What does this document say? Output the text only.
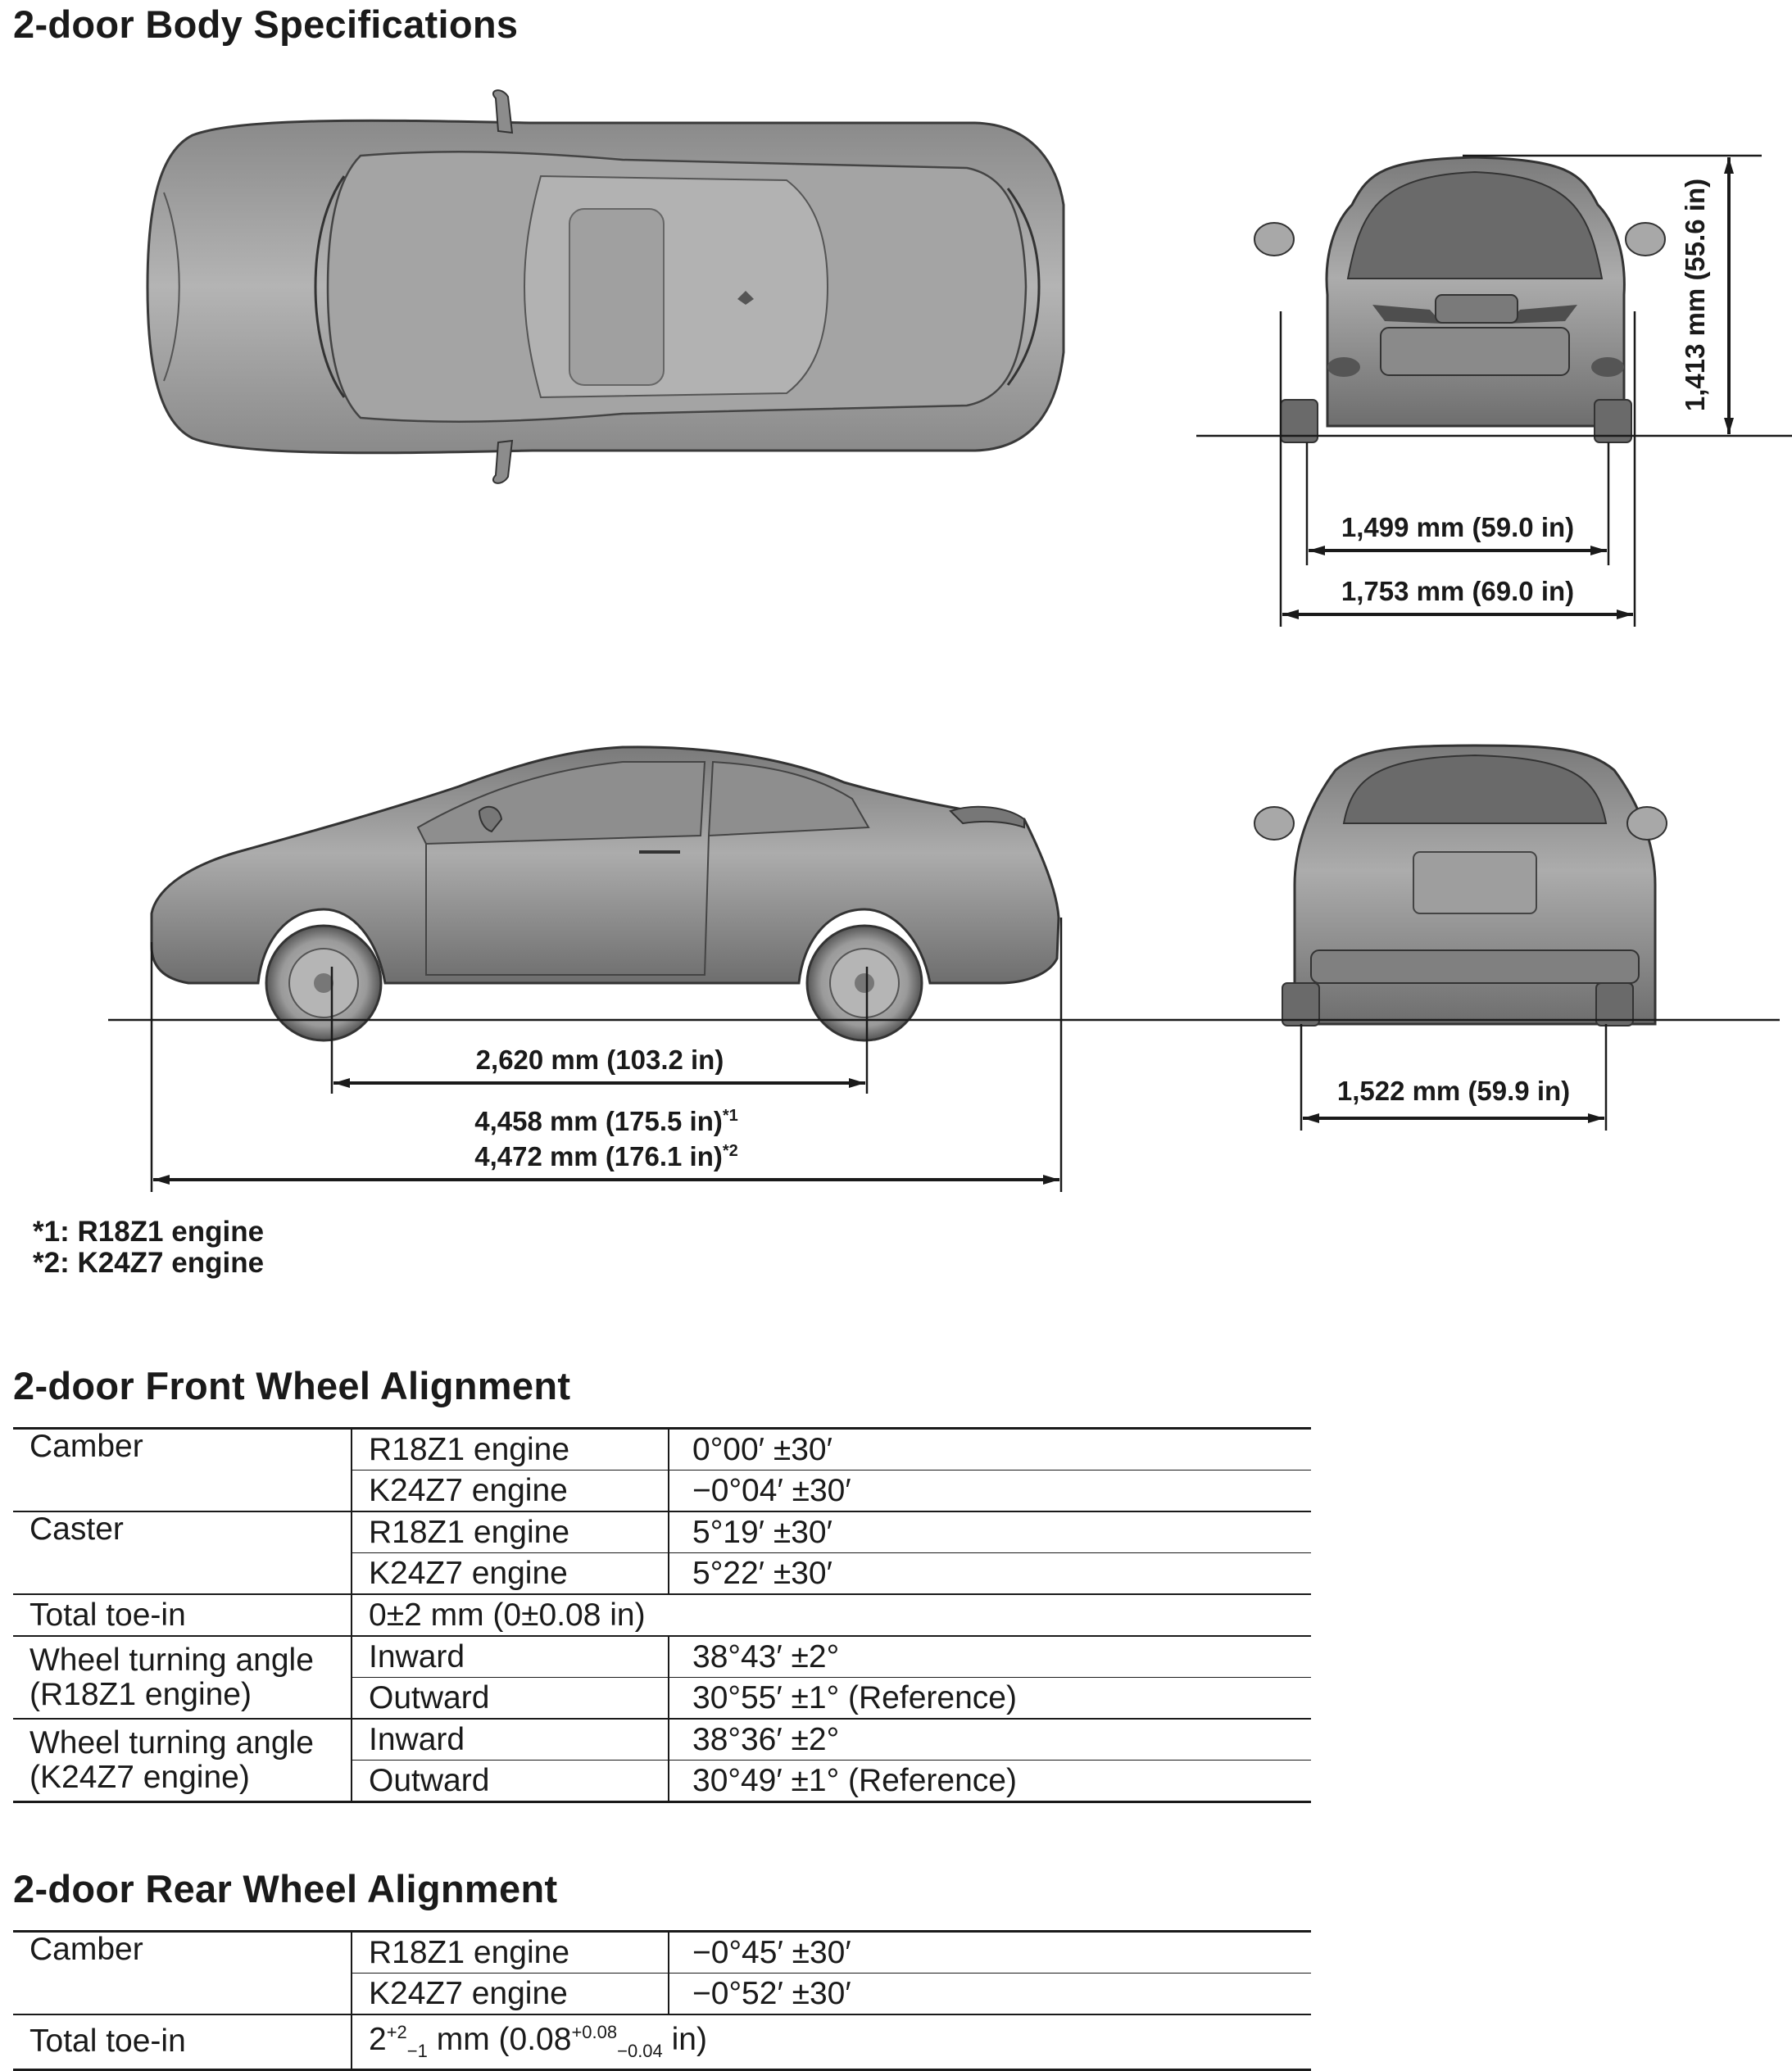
2-door Body Specifications
1,413 mm (55.6 in)
1,499 mm (59.0 in)
1,753 mm (69.0 in)
2,620 mm (103.2 in)
4,458 mm (175.5 in)$^{*1}$
4,472 mm (176.1 in)$^{*2}$
1,522 mm (59.9 in)
*1: R18Z1 engine
*2: K24Z7 engine
2-door Front Wheel Alignment
Camber	R18Z1 engine	0°00′ ±30′
	K24Z7 engine	−0°04′ ±30′
Caster	R18Z1 engine	5°19′ ±30′
	K24Z7 engine	5°22′ ±30′
Total toe-in	0±2 mm (0±0.08 in)	

Wheel turning angle
(R18Z1 engine)	Inward	38°43′ ±2°
	Outward	30°55′ ±1° (Reference)

Wheel turning angle
(K24Z7 engine)	Inward	38°36′ ±2°
	Outward	30°49′ ±1° (Reference)
2-door Rear Wheel Alignment
Camber	R18Z1 engine	−0°45′ ±30′
	K24Z7 engine	−0°52′ ±30′
Total toe-in	$2^{+2}_{-1}$ mm ($0.08^{+0.08}_{-0.04}$ in)	
